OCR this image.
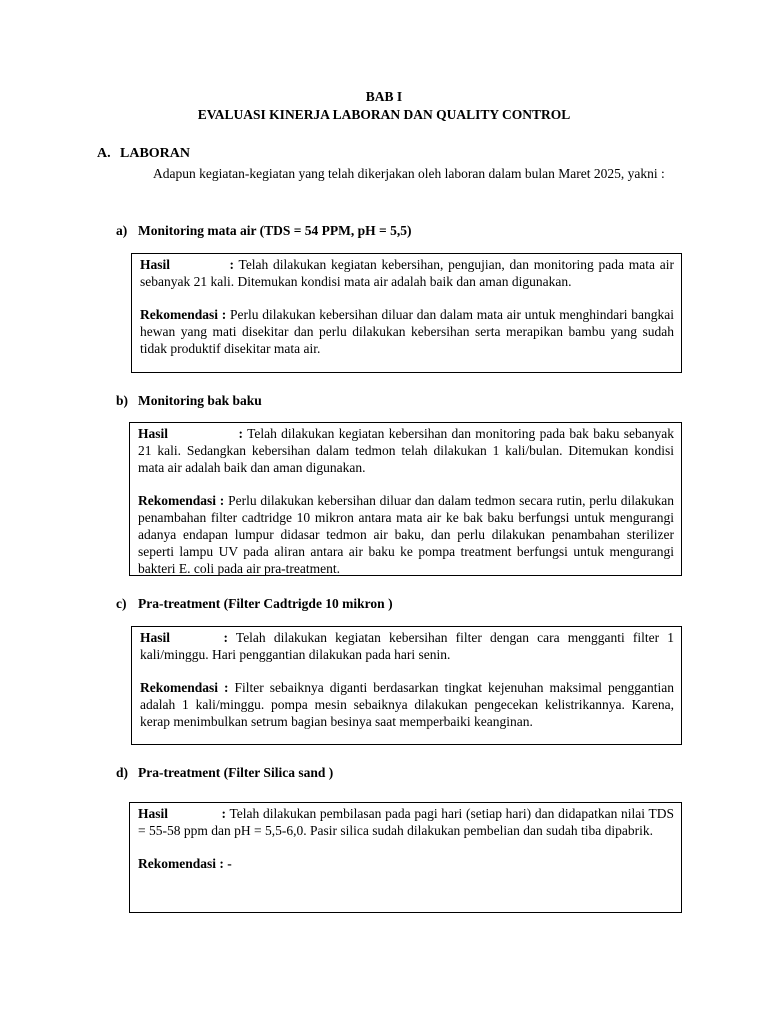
BAB I
EVALUASI KINERJA LABORAN DAN QUALITY CONTROL
A. LABORAN
Adapun kegiatan-kegiatan yang telah dikerjakan oleh laboran dalam bulan Maret 2025, yakni :
a) Monitoring mata air (TDS = 54 PPM, pH = 5,5)

Hasil	: Telah dilakukan kegiatan kebersihan, pengujian, dan monitoring pada mata air sebanyak 21 kali. Ditemukan kondisi mata air adalah baik dan aman digunakan.

Rekomendasi : Perlu dilakukan kebersihan diluar dan dalam mata air untuk menghindari bangkai hewan yang mati disekitar dan perlu dilakukan kebersihan serta merapikan bambu yang sudah tidak produktif disekitar mata air.

b) Monitoring bak baku

Hasil	: Telah dilakukan kegiatan kebersihan dan monitoring pada bak baku sebanyak 21 kali. Sedangkan kebersihan dalam tedmon telah dilakukan 1 kali/bulan. Ditemukan kondisi mata air adalah baik dan aman digunakan.

Rekomendasi : Perlu dilakukan kebersihan diluar dan dalam tedmon secara rutin, perlu dilakukan penambahan filter cadtridge 10 mikron antara mata air ke bak baku berfungsi untuk mengurangi adanya endapan lumpur didasar tedmon air baku, dan perlu dilakukan penambahan sterilizer seperti lampu UV pada aliran antara air baku ke pompa treatment berfungsi untuk mengurangi bakteri E. coli pada air pra-treatment.

c) Pra-treatment (Filter Cadtrigde 10 mikron )

Hasil	: Telah dilakukan kegiatan kebersihan filter dengan cara mengganti filter 1 kali/minggu. Hari penggantian dilakukan pada hari senin.

Rekomendasi : Filter sebaiknya diganti berdasarkan tingkat kejenuhan maksimal penggantian adalah 1 kali/minggu. pompa mesin sebaiknya dilakukan pengecekan kelistrikannya. Karena, kerap menimbulkan setrum bagian besinya saat memperbaiki keanginan.

d) Pra-treatment (Filter Silica sand )

Hasil	: Telah dilakukan pembilasan pada pagi hari (setiap hari) dan didapatkan nilai TDS = 55-58 ppm dan pH = 5,5-6,0. Pasir silica sudah dilakukan pembelian dan sudah tiba dipabrik.

Rekomendasi : -
